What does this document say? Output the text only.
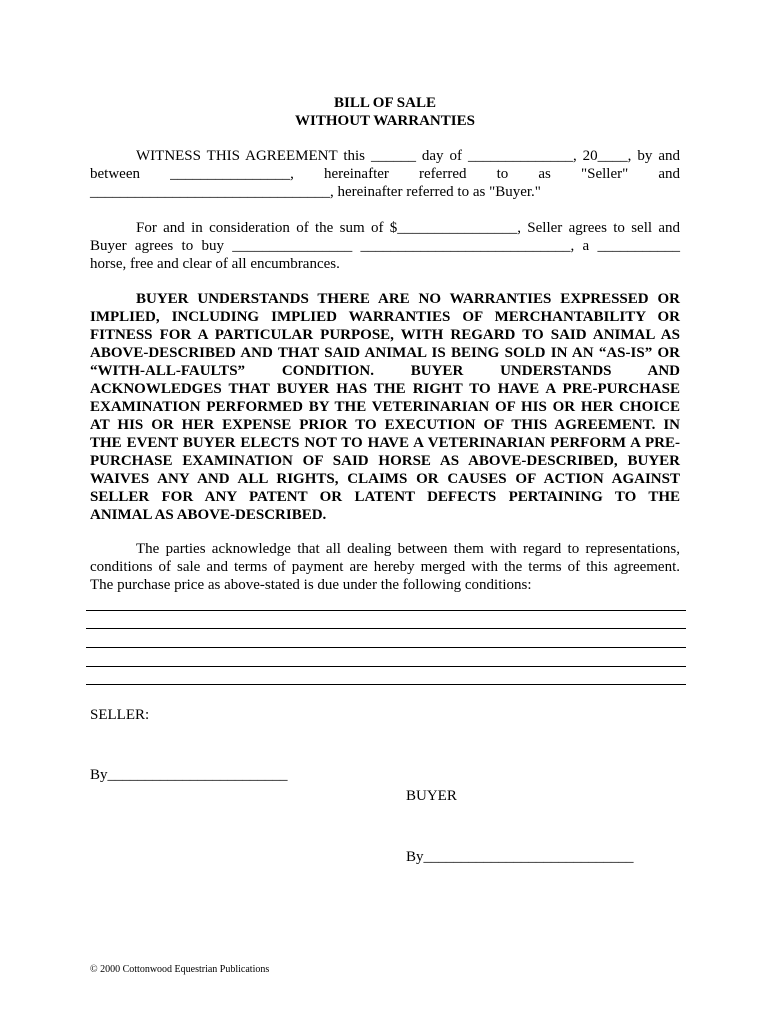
BILL OF SALE
WITHOUT WARRANTIES
WITNESS THIS AGREEMENT this ______ day of ______________, 20____, by and
between ________________, hereinafter referred to as "Seller" and
________________________________, hereinafter referred to as "Buyer."
For and in consideration of the sum of $________________, Seller agrees to sell and
Buyer agrees to buy ________________ ____________________________, a ___________
horse, free and clear of all encumbrances.
BUYER UNDERSTANDS THERE ARE NO WARRANTIES EXPRESSED OR
IMPLIED, INCLUDING IMPLIED WARRANTIES OF MERCHANTABILITY OR
FITNESS FOR A PARTICULAR PURPOSE, WITH REGARD TO SAID ANIMAL AS
ABOVE-DESCRIBED AND THAT SAID ANIMAL IS BEING SOLD IN AN “AS-IS” OR
“WITH-ALL-FAULTS” CONDITION. BUYER UNDERSTANDS AND
ACKNOWLEDGES THAT BUYER HAS THE RIGHT TO HAVE A PRE-PURCHASE
EXAMINATION PERFORMED BY THE VETERINARIAN OF HIS OR HER CHOICE
AT HIS OR HER EXPENSE PRIOR TO EXECUTION OF THIS AGREEMENT. IN
THE EVENT BUYER ELECTS NOT TO HAVE A VETERINARIAN PERFORM A PRE-
PURCHASE EXAMINATION OF SAID HORSE AS ABOVE-DESCRIBED, BUYER
WAIVES ANY AND ALL RIGHTS, CLAIMS OR CAUSES OF ACTION AGAINST
SELLER FOR ANY PATENT OR LATENT DEFECTS PERTAINING TO THE
ANIMAL AS ABOVE-DESCRIBED.
The parties acknowledge that all dealing between them with regard to representations,
conditions of sale and terms of payment are hereby merged with the terms of this agreement.
The purchase price as above-stated is due under the following conditions:
SELLER:
By________________________
BUYER
By____________________________
© 2000 Cottonwood Equestrian Publications
